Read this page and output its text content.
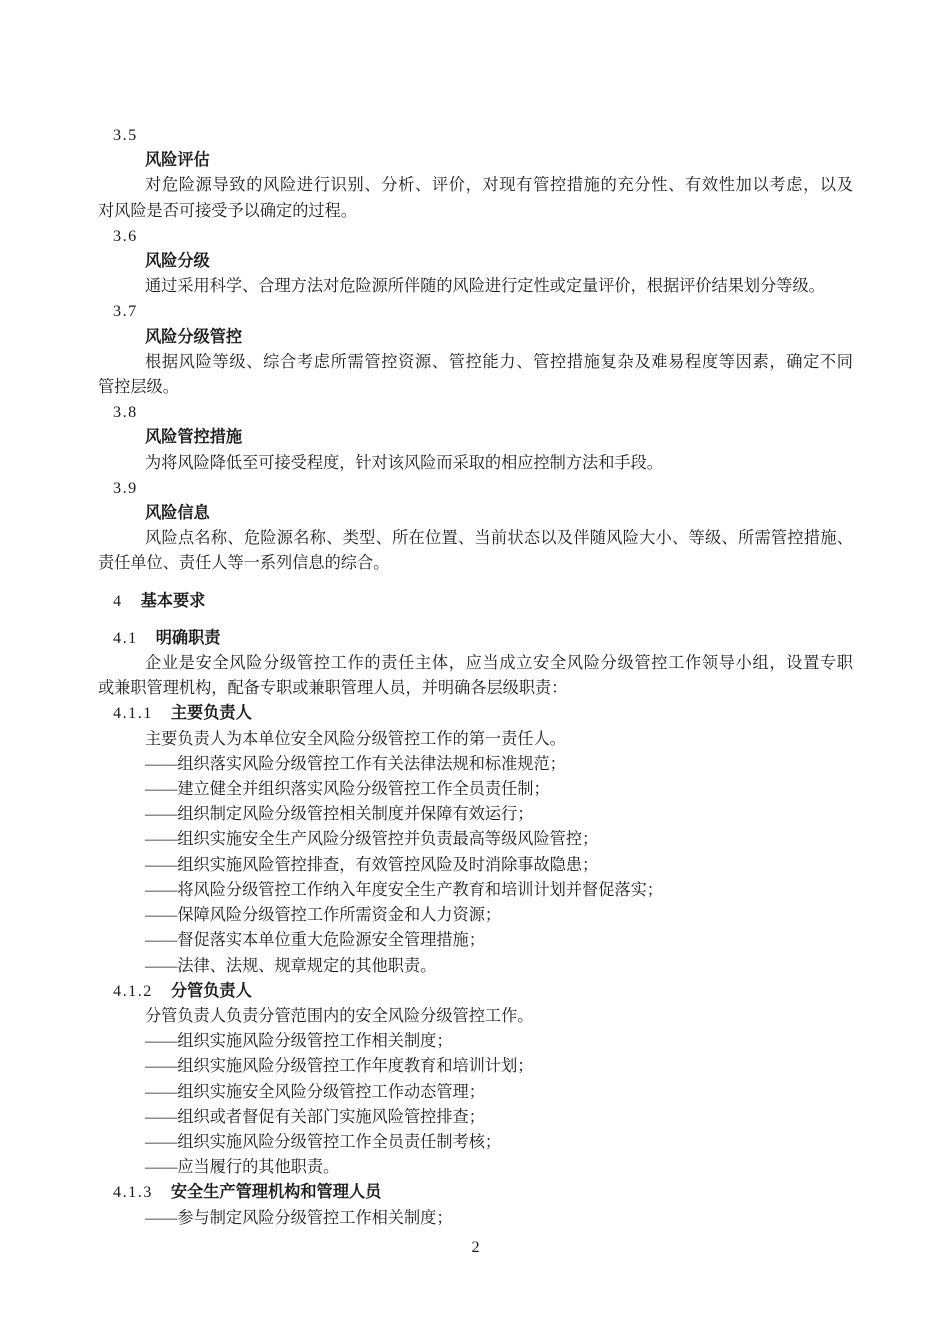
3.5
风险评估
对危险源导致的风险进行识别、分析、评价，对现有管控措施的充分性、有效性加以考虑，以及
对风险是否可接受予以确定的过程。
3.6
风险分级
通过采用科学、合理方法对危险源所伴随的风险进行定性或定量评价，根据评价结果划分等级。
3.7
风险分级管控
根据风险等级、综合考虑所需管控资源、管控能力、管控措施复杂及难易程度等因素，确定不同
管控层级。
3.8
风险管控措施
为将风险降低至可接受程度，针对该风险而采取的相应控制方法和手段。
3.9
风险信息
风险点名称、危险源名称、类型、所在位置、当前状态以及伴随风险大小、等级、所需管控措施、
责任单位、责任人等一系列信息的综合。
4 基本要求
4.1 明确职责
企业是安全风险分级管控工作的责任主体，应当成立安全风险分级管控工作领导小组，设置专职
或兼职管理机构，配备专职或兼职管理人员，并明确各层级职责：
4.1.1 主要负责人
主要负责人为本单位安全风险分级管控工作的第一责任人。
——组织落实风险分级管控工作有关法律法规和标准规范；
——建立健全并组织落实风险分级管控工作全员责任制；
——组织制定风险分级管控相关制度并保障有效运行；
——组织实施安全生产风险分级管控并负责最高等级风险管控；
——组织实施风险管控排查，有效管控风险及时消除事故隐患；
——将风险分级管控工作纳入年度安全生产教育和培训计划并督促落实；
——保障风险分级管控工作所需资金和人力资源；
——督促落实本单位重大危险源安全管理措施；
——法律、法规、规章规定的其他职责。
4.1.2 分管负责人
分管负责人负责分管范围内的安全风险分级管控工作。
——组织实施风险分级管控工作相关制度；
——组织实施风险分级管控工作年度教育和培训计划；
——组织实施安全风险分级管控工作动态管理；
——组织或者督促有关部门实施风险管控排查；
——组织实施风险分级管控工作全员责任制考核；
——应当履行的其他职责。
4.1.3 安全生产管理机构和管理人员
——参与制定风险分级管控工作相关制度；
2
